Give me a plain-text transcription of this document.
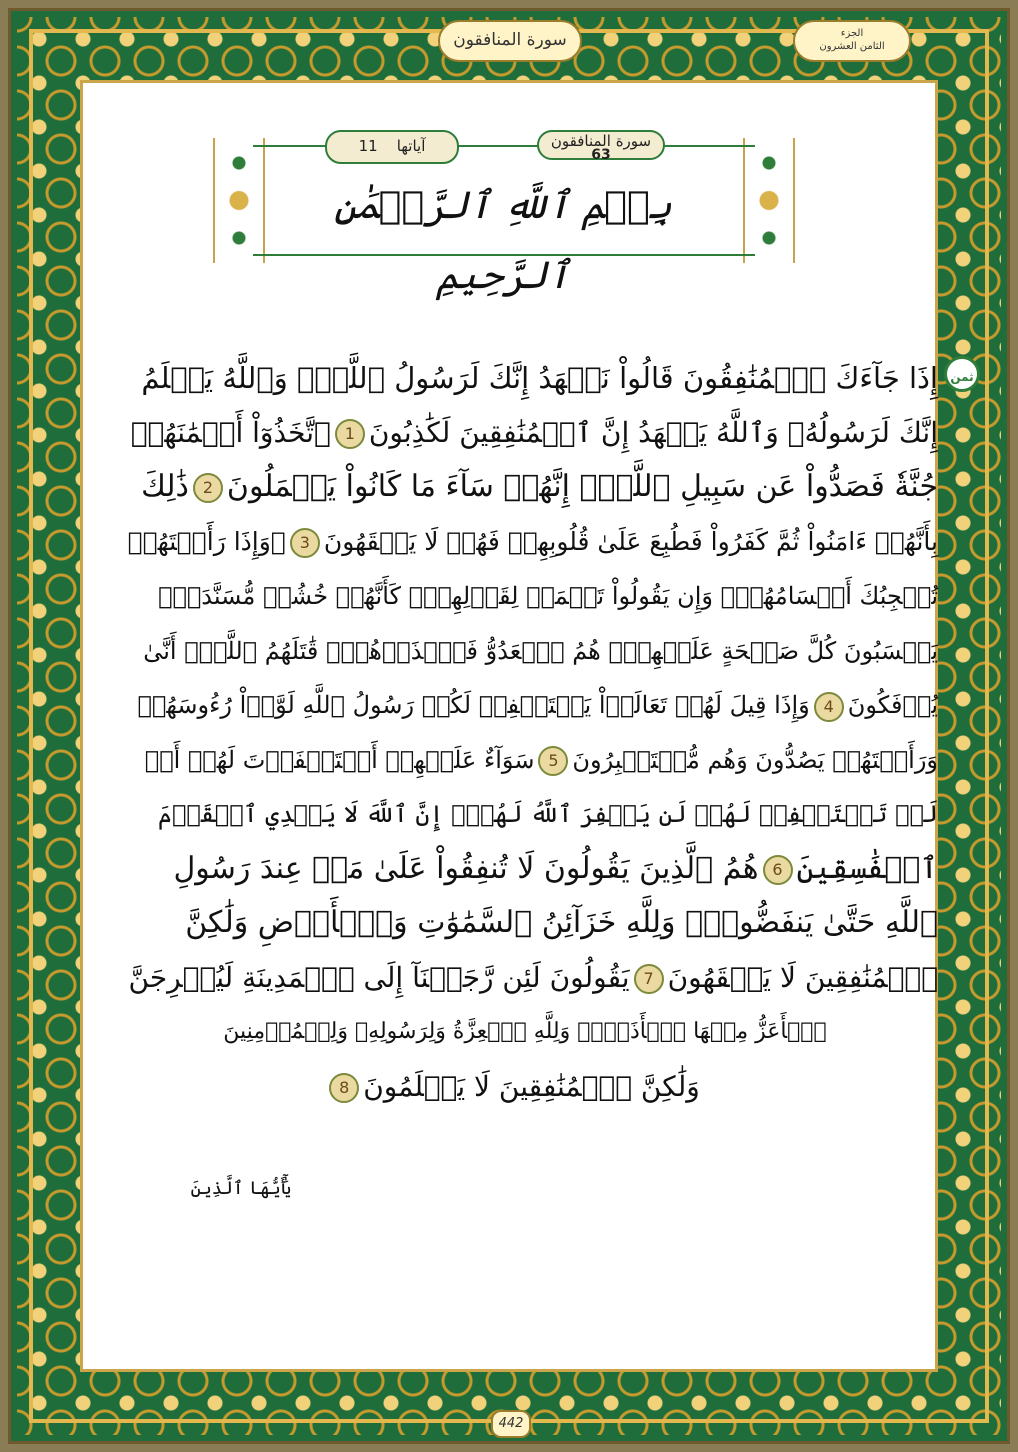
الجزء
الثامن العشرون
سورة المنافقون
آياتها    11	سورة المنافقون
63
بِسۡمِ ٱللَّهِ ٱلرَّحۡمَٰنِ ٱلرَّحِيمِ
ثمن
إِذَا جَآءَكَ ٱلۡمُنَٰفِقُونَ قَالُواْ نَشۡهَدُ إِنَّكَ لَرَسُولُ ٱللَّهِۗ وَٱللَّهُ يَعۡلَمُ
إِنَّكَ لَرَسُولُهُۥ وَٱللَّهُ يَشۡهَدُ إِنَّ ٱلۡمُنَٰفِقِينَ لَكَٰذِبُونَ1ٱتَّخَذُوٓاْ أَيۡمَٰنَهُمۡ
جُنَّةٗ فَصَدُّواْ عَن سَبِيلِ ٱللَّهِۚ إِنَّهُمۡ سَآءَ مَا كَانُواْ يَعۡمَلُونَ2ذَٰلِكَ
بِأَنَّهُمۡ ءَامَنُواْ ثُمَّ كَفَرُواْ فَطُبِعَ عَلَىٰ قُلُوبِهِمۡ فَهُمۡ لَا يَفۡقَهُونَ3۞وَإِذَا رَأَيۡتَهُمۡ
تُعۡجِبُكَ أَجۡسَامُهُمۡۖ وَإِن يَقُولُواْ تَسۡمَعۡ لِقَوۡلِهِمۡۖ كَأَنَّهُمۡ خُشُبٞ مُّسَنَّدَةٞۖ
يَحۡسَبُونَ كُلَّ صَيۡحَةٍ عَلَيۡهِمۡۚ هُمُ ٱلۡعَدُوُّ فَٱحۡذَرۡهُمۡۚ قَٰتَلَهُمُ ٱللَّهُۖ أَنَّىٰ
يُؤۡفَكُونَ4وَإِذَا قِيلَ لَهُمۡ تَعَالَوۡاْ يَسۡتَغۡفِرۡ لَكُمۡ رَسُولُ ٱللَّهِ لَوَّوۡاْ رُءُوسَهُمۡ
وَرَأَيۡتَهُمۡ يَصُدُّونَ وَهُم مُّسۡتَكۡبِرُونَ5سَوَآءٌ عَلَيۡهِمۡ أَسۡتَغۡفَرۡتَ لَهُمۡ أَمۡ
لَمۡ تَسۡتَغۡفِرۡ لَهُمۡ لَن يَغۡفِرَ ٱللَّهُ لَهُمۡۚ إِنَّ ٱللَّهَ لَا يَهۡدِي ٱلۡقَوۡمَ
ٱلۡفَٰسِقِينَ6هُمُ ٱلَّذِينَ يَقُولُونَ لَا تُنفِقُواْ عَلَىٰ مَنۡ عِندَ رَسُولِ
ٱللَّهِ حَتَّىٰ يَنفَضُّواْۗ وَلِلَّهِ خَزَآئِنُ ٱلسَّمَٰوَٰتِ وَٱلۡأَرۡضِ وَلَٰكِنَّ
ٱلۡمُنَٰفِقِينَ لَا يَفۡقَهُونَ7يَقُولُونَ لَئِن رَّجَعۡنَآ إِلَى ٱلۡمَدِينَةِ لَيُخۡرِجَنَّ
ٱلۡأَعَزُّ مِنۡهَا ٱلۡأَذَلَّۚ وَلِلَّهِ ٱلۡعِزَّةُ وَلِرَسُولِهِۦ وَلِلۡمُؤۡمِنِينَ
وَلَٰكِنَّ ٱلۡمُنَٰفِقِينَ لَا يَعۡلَمُونَ8
يَٰٓأَيُّهَا ٱلَّذِينَ
442
